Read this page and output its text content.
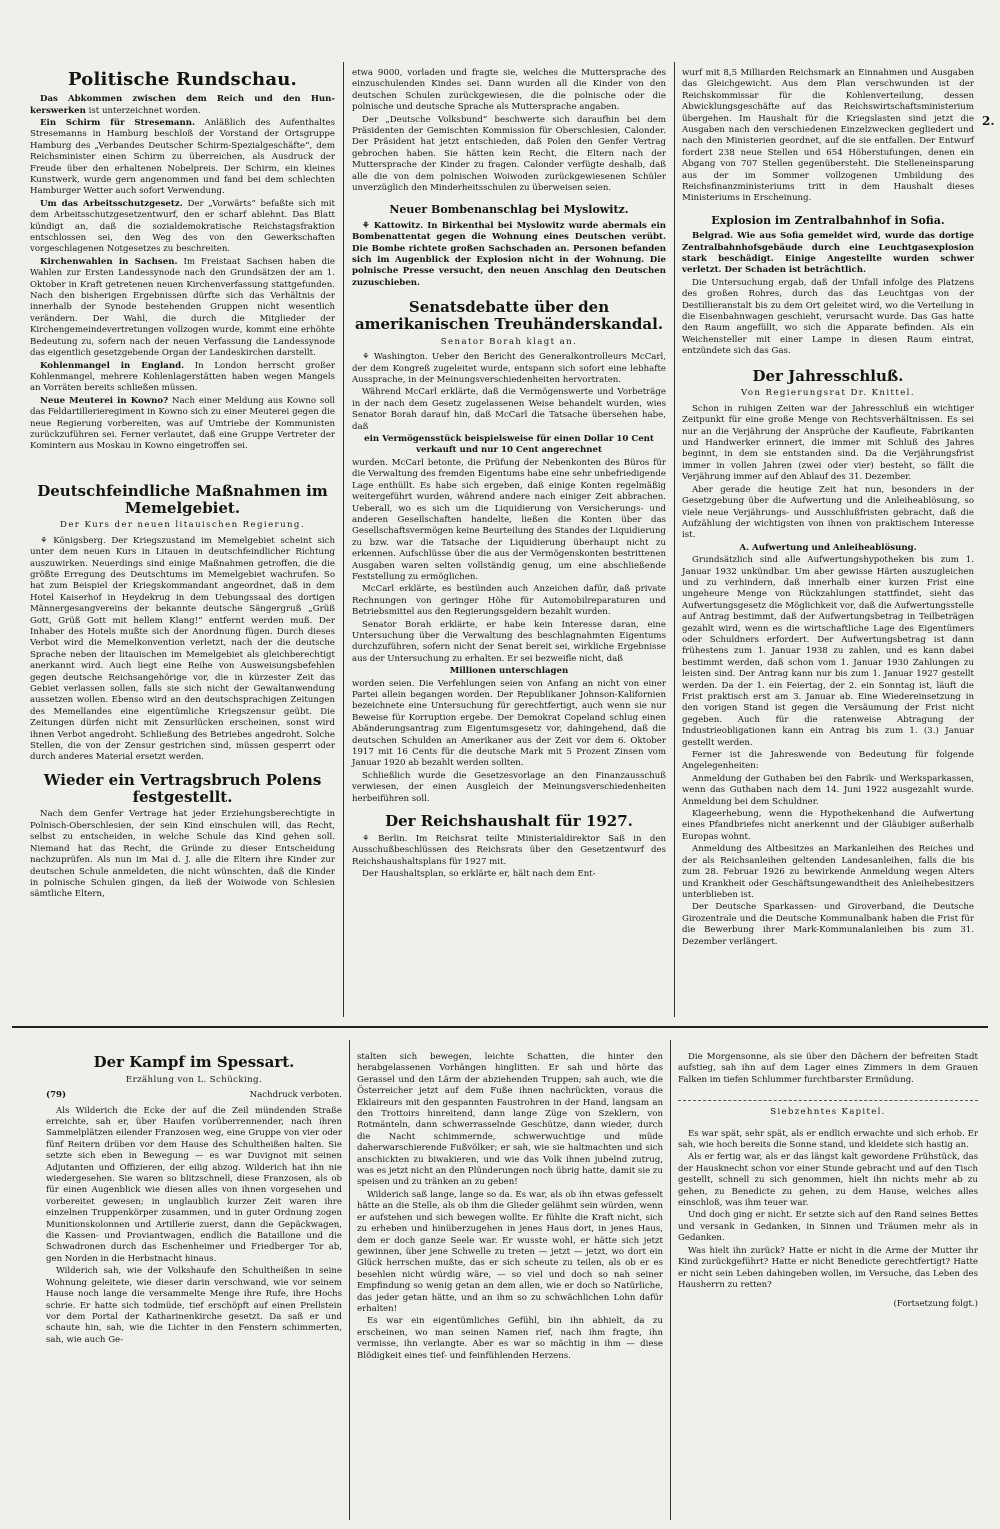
2.
Politische Rundschau.

Das Abkommen zwischen dem Reich und den Hun-kerswerken ist unterzeichnet worden.

Ein Schirm für Stresemann. Anläßlich des Aufenthaltes Stresemanns in Hamburg beschloß der Vorstand der Ortsgruppe Hamburg des „Verbandes Deutscher Schirm-Spezialgeschäfte“, dem Reichsminister einen Schirm zu überreichen, als Ausdruck der Freude über den erhaltenen Nobelpreis. Der Schirm, ein kleines Kunstwerk, wurde gern angenommen und fand bei dem schlechten Hamburger Wetter auch sofort Verwendung.

Um das Arbeitsschutzgesetz. Der „Vorwärts“ befaßte sich mit dem Arbeitsschutzgesetzentwurf, den er scharf ablehnt. Das Blatt kündigt an, daß die sozialdemokratische Reichstagsfraktion entschlossen sei, den Weg des von den Gewerkschaften vorgeschlagenen Notgesetzes zu beschreiten.

Kirchenwahlen in Sachsen. Im Freistaat Sachsen haben die Wahlen zur Ersten Landessynode nach den Grundsätzen der am 1. Oktober in Kraft getretenen neuen Kirchenverfassung stattgefunden. Nach den bisherigen Ergebnissen dürfte sich das Verhältnis der innerhalb der Synode bestehenden Gruppen nicht wesentlich verändern. Der Wahl, die durch die Mitglieder der Kirchengemeindevertretungen vollzogen wurde, kommt eine erhöhte Bedeutung zu, sofern nach der neuen Verfassung die Landessynode das eigentlich gesetzgebende Organ der Landeskirchen darstellt.

Kohlenmangel in England. In London herrscht großer Kohlenmangel, mehrere Kohlenlagerstätten haben wegen Mangels an Vorräten bereits schließen müssen.

Neue Meuterei in Kowno? Nach einer Meldung aus Kowno soll das Feldartillerieregiment in Kowno sich zu einer Meuterei gegen die neue Regierung vorbereiten, was auf Umtriebe der Kommunisten zurückzuführen sei. Ferner verlautet, daß eine Gruppe Vertreter der Komintern aus Moskau in Kowno eingetroffen sei.

Deutschfeindliche Maßnahmen im Memelgebiet.
Der Kurs der neuen litauischen Regierung.

⚘ Königsberg. Der Kriegszustand im Memelgebiet scheint sich unter dem neuen Kurs in Litauen in deutschfeindlicher Richtung auszuwirken. Neuerdings sind einige Maßnahmen getroffen, die die größte Erregung des Deutschtums im Memelgebiet wachrufen. So hat zum Beispiel der Kriegskommandant angeordnet, daß in dem Hotel Kaiserhof in Heydekrug in dem Uebungssaal des dortigen Männergesangvereins der bekannte deutsche Sängergruß „Grüß Gott, Grüß Gott mit hellem Klang!“ entfernt werden muß. Der Inhaber des Hotels mußte sich der Anordnung fügen. Durch dieses Verbot wird die Memelkonvention verletzt, nach der die deutsche Sprache neben der litauischen im Memelgebiet als gleichberechtigt anerkannt wird. Auch liegt eine Reihe von Ausweisungsbefehlen gegen deutsche Reichsangehörige vor, die in kürzester Zeit das Gebiet verlassen sollen, falls sie sich nicht der Gewaltanwendung aussetzen wollen. Ebenso wird an den deutschsprachigen Zeitungen des Memellandes eine eigentümliche Kriegszensur geübt. Die Zeitungen dürfen nicht mit Zensurlücken erscheinen, sonst wird ihnen Verbot angedroht. Schließung des Betriebes angedroht. Solche Stellen, die von der Zensur gestrichen sind, müssen gesperrt oder durch anderes Material ersetzt werden.

Wieder ein Vertragsbruch Polens festgestellt.

Nach dem Genfer Vertrage hat jeder Erziehungsberechtigte in Polnisch-Oberschlesien, der sein Kind einschulen will, das Recht, selbst zu entscheiden, in welche Schule das Kind gehen soll. Niemand hat das Recht, die Gründe zu dieser Entscheidung nachzuprüfen. Als nun im Mai d. J. alle die Eltern ihre Kinder zur deutschen Schule anmeldeten, die nicht wünschten, daß die Kinder in polnische Schulen gingen, da ließ der Woiwode von Schlesien sämtliche Eltern,

etwa 9000, vorladen und fragte sie, welches die Muttersprache des einzuschulenden Kindes sei. Dann wurden all die Kinder von den deutschen Schulen zurückgewiesen, die die polnische oder die polnische und deutsche Sprache als Muttersprache angaben.

Der „Deutsche Volksbund“ beschwerte sich daraufhin bei dem Präsidenten der Gemischten Kommission für Oberschlesien, Calonder. Der Präsident hat jetzt entschieden, daß Polen den Genfer Vertrag gebrochen haben. Sie hätten kein Recht, die Eltern nach der Muttersprache der Kinder zu fragen. Calonder verfügte deshalb, daß alle die von dem polnischen Woiwoden zurückgewiesenen Schüler unverzüglich den Minderheitsschulen zu überweisen seien.

Neuer Bombenanschlag bei Myslowitz.

⚘ Kattowitz. In Birkenthal bei Myslowitz wurde abermals ein Bombenattentat gegen die Wohnung eines Deutschen verübt. Die Bombe richtete großen Sachschaden an. Personen befanden sich im Augenblick der Explosion nicht in der Wohnung. Die polnische Presse versucht, den neuen Anschlag den Deutschen zuzuschieben.

Senatsdebatte über den amerikanischen Treuhänderskandal.
Senator Borah klagt an.

⚘ Washington. Ueber den Bericht des Generalkontrolleurs McCarl, der dem Kongreß zugeleitet wurde, entspann sich sofort eine lebhafte Aussprache, in der Meinungsverschiedenheiten hervortraten.

Während McCarl erklärte, daß die Vermögenswerte und Vorbeträge in der nach dem Gesetz zugelassenen Weise behandelt wurden, wies Senator Borah darauf hin, daß McCarl die Tatsache übersehen habe, daß

ein Vermögensstück beispielsweise für einen Dollar 10 Cent verkauft und nur 10 Cent angerechnet

wurden. McCarl betonte, die Prüfung der Nebenkonten des Büros für die Verwaltung des fremden Eigentums habe eine sehr unbefriedigende Lage enthüllt. Es habe sich ergeben, daß einige Konten regelmäßig weitergeführt wurden, während andere nach einiger Zeit abbrachen. Ueberall, wo es sich um die Liquidierung von Versicherungs- und anderen Gesellschaften handelte, ließen die Konten über das Gesellschaftsvermögen keine Beurteilung des Standes der Liquidierung zu bzw. war die Tatsache der Liquidierung überhaupt nicht zu erkennen. Aufschlüsse über die aus der Vermögenskonten bestrittenen Ausgaben waren selten vollständig genug, um eine abschließende Feststellung zu ermöglichen.

McCarl erklärte, es bestünden auch Anzeichen dafür, daß private Rechnungen von geringer Höhe für Automobilreparaturen und Betriebsmittel aus den Regierungsgeldern bezahlt wurden.

Senator Borah erklärte, er habe kein Interesse daran, eine Untersuchung über die Verwaltung des beschlagnahmten Eigentums durchzuführen, sofern nicht der Senat bereit sei, wirkliche Ergebnisse aus der Untersuchung zu erhalten. Er sei bezweifle nicht, daß

Millionen unterschlagen

worden seien. Die Verfehlungen seien von Anfang an nicht von einer Partei allein begangen worden. Der Republikaner Johnson-Kalifornien bezeichnete eine Untersuchung für gerechtfertigt, auch wenn sie nur Beweise für Korruption ergebe. Der Demokrat Copeland schlug einen Abänderungsantrag zum Eigentumsgesetz vor, dahingehend, daß die deutschen Schulden an Amerikaner aus der Zeit vor dem 6. Oktober 1917 mit 16 Cents für die deutsche Mark mit 5 Prozent Zinsen vom Januar 1920 ab bezahlt werden sollten.

Schließlich wurde die Gesetzesvorlage an den Finanzausschuß verwiesen, der einen Ausgleich der Meinungsverschiedenheiten herbeiführen soll.

Der Reichshaushalt für 1927.

⚘ Berlin. Im Reichsrat teilte Ministerialdirektor Saß in den Ausschußbeschlüssen des Reichsrats über den Gesetzentwurf des Reichshaushaltsplans für 1927 mit.

Der Haushaltsplan, so erklärte er, hält nach dem Ent-

wurf mit 8,5 Milliarden Reichsmark an Einnahmen und Ausgaben das Gleichgewicht. Aus dem Plan verschwunden ist der Reichskommissar für die Kohlenverteilung, dessen Abwicklungsgeschäfte auf das Reichswirtschaftsministerium übergehen. Im Haushalt für die Kriegslasten sind jetzt die Ausgaben nach den verschiedenen Einzelzwecken gegliedert und nach den Ministerien geordnet, auf die sie entfallen. Der Entwurf fordert 238 neue Stellen und 654 Höherstufungen, denen ein Abgang von 707 Stellen gegenübersteht. Die Stelleneinsparung aus der im Sommer vollzogenen Umbildung des Reichsfinanzministeriums tritt in dem Haushalt dieses Ministeriums in Erscheinung.

Explosion im Zentralbahnhof in Sofia.

Belgrad. Wie aus Sofia gemeldet wird, wurde das dortige Zentralbahnhofsgebäude durch eine Leuchtgasexplosion stark beschädigt. Einige Angestellte wurden schwer verletzt. Der Schaden ist beträchtlich.

Die Untersuchung ergab, daß der Unfall infolge des Platzens des großen Rohres, durch das das Leuchtgas von der Destillieranstalt bis zu dem Ort geleitet wird, wo die Verteilung in die Eisenbahnwagen geschieht, verursacht wurde. Das Gas hatte den Raum angefüllt, wo sich die Apparate befinden. Als ein Weichensteller mit einer Lampe in diesen Raum eintrat, entzündete sich das Gas.

Der Jahresschluß.
Von Regierungsrat Dr. Knittel.

Schon in ruhigen Zeiten war der Jahresschluß ein wichtiger Zeitpunkt für eine große Menge von Rechtsverhältnissen. Es sei nur an die Verjährung der Ansprüche der Kaufleute, Fabrikanten und Handwerker erinnert, die immer mit Schluß des Jahres beginnt, in dem sie entstanden sind. Da die Verjährungsfrist immer in vollen Jahren (zwei oder vier) besteht, so fällt die Verjährung immer auf den Ablauf des 31. Dezember.

Aber gerade die heutige Zeit hat nun, besonders in der Gesetzgebung über die Aufwertung und die Anleiheablösung, so viele neue Verjährungs- und Ausschlußfristen gebracht, daß die Aufzählung der wichtigsten von ihnen von praktischem Interesse ist.

A. Aufwertung und Anleiheablösung.

Grundsätzlich sind alle Aufwertungshypotheken bis zum 1. Januar 1932 unkündbar. Um aber gewisse Härten auszugleichen und zu verhindern, daß innerhalb einer kurzen Frist eine ungeheure Menge von Rückzahlungen stattfindet, sieht das Aufwertungsgesetz die Möglichkeit vor, daß die Aufwertungsstelle auf Antrag bestimmt, daß der Aufwertungsbetrag in Teilbeträgen gezahlt wird, wenn es die wirtschaftliche Lage des Eigentümers oder Schuldners erfordert. Der Aufwertungsbetrag ist dann frühestens zum 1. Januar 1938 zu zahlen, und es kann dabei bestimmt werden, daß schon vom 1. Januar 1930 Zahlungen zu leisten sind. Der Antrag kann nur bis zum 1. Januar 1927 gestellt werden. Da der 1. ein Feiertag, der 2. ein Sonntag ist, läuft die Frist praktisch erst am 3. Januar ab. Eine Wiedereinsetzung in den vorigen Stand ist gegen die Versäumung der Frist nicht gegeben. Auch für die ratenweise Abtragung der Industrieobligationen kann ein Antrag bis zum 1. (3.) Januar gestellt werden.

Ferner ist die Jahreswende von Bedeutung für folgende Angelegenheiten:

Anmeldung der Guthaben bei den Fabrik- und Werksparkassen, wenn das Guthaben nach dem 14. Juni 1922 ausgezahlt wurde. Anmeldung bei dem Schuldner.

Klageerhebung, wenn die Hypothekenhand die Aufwertung eines Pfandbriefes nicht anerkennt und der Gläubiger außerhalb Europas wohnt.

Anmeldung des Altbesitzes an Markanleihen des Reiches und der als Reichsanleihen geltenden Landesanleihen, falls die bis zum 28. Februar 1926 zu bewirkende Anmeldung wegen Alters und Krankheit oder Geschäftsungewandtheit des Anleihebesitzers unterblieben ist.

Der Deutsche Sparkassen- und Giroverband, die Deutsche Girozentrale und die Deutsche Kommunalbank haben die Frist für die Bewerbung ihrer Mark-Kommunalanleihen bis zum 31. Dezember verlängert.

Der Kampf im Spessart.
Erzählung von L. Schücking.
(79)	Nachdruck verboten.

Als Wilderich die Ecke der auf die Zeil mündenden Straße erreichte, sah er, über Haufen vorüberrennender, nach ihren Sammelplätzen eilender Franzosen weg, eine Gruppe von vier oder fünf Reitern drüben vor dem Hause des Schultheißen halten. Sie setzte sich eben in Bewegung — es war Duvignot mit seinen Adjutanten und Offizieren, der eilig abzog. Wilderich hat ihn nie wiedergesehen. Sie waren so blitzschnell, diese Franzosen, als ob für einen Augenblick wie diesen alles von ihnen vorgesehen und vorbereitet gewesen; in unglaublich kurzer Zeit waren ihre einzelnen Truppenkörper zusammen, und in guter Ordnung zogen Munitionskolonnen und Artillerie zuerst, dann die Gepäckwagen, die Kassen- und Proviantwagen, endlich die Bataillone und die Schwadronen durch das Eschenheimer und Friedberger Tor ab, gen Norden in die Herbstnacht hinaus.

Wilderich sah, wie der Volkshaufe den Schultheißen in seine Wohnung geleitete, wie dieser darin verschwand, wie vor seinem Hause noch lange die versammelte Menge ihre Rufe, ihre Hochs schrie. Er hatte sich todmüde, tief erschöpft auf einen Prellstein vor dem Portal der Katharinenkirche gesetzt. Da saß er und schaute hin, sah, wie die Lichter in den Fenstern schimmerten, sah, wie auch Ge-

stalten sich bewegen, leichte Schatten, die hinter den herabgelassenen Vorhängen hinglitten. Er sah und hörte das Gerassel und den Lärm der abziehenden Truppen; sah auch, wie die Österreicher jetzt auf dem Fuße ihnen nachrückten, voraus die Eklaireurs mit den gespannten Faustrohren in der Hand, langsam an den Trottoirs hinreitend, dann lange Züge von Szeklern, von Rotmänteln, dann schwerrasselnde Geschütze, dann wieder, durch die Nacht schimmernde, schwerwuchtige und müde daherwarschierende Fußvölker; er sah, wie sie haltmachten und sich anschickten zu biwakieren, und wie das Volk ihnen jubelnd zutrug, was es jetzt nicht an den Plünderungen noch übrig hatte, damit sie zu speisen und zu tränken an zu geben!

Wilderich saß lange, lange so da. Es war, als ob ihn etwas gefesselt hätte an die Stelle, als ob ihm die Glieder gelähmt sein würden, wenn er aufstehen und sich bewegen wollte. Er fühlte die Kraft nicht, sich zu erheben und hinüberzugehen in jenes Haus dort, in jenes Haus, dem er doch ganze Seele war. Er wusste wohl, er hätte sich jetzt gewinnen, über jene Schwelle zu treten — jetzt — jetzt, wo dort ein Glück herrschen mußte, das er sich scheute zu teilen, als ob er es besehlen nicht würdig wäre, — so viel und doch so nah seiner Empfindung so wenig getan an dem allen, wie er doch so Natürliche, das jeder getan hätte, und an ihm so zu schwächlichen Lohn dafür erhalten!

Es war ein eigentümliches Gefühl, bin ihn abhielt, da zu erscheinen, wo man seinen Namen rief, nach ihm fragte, ihn vermisse, ihn verlangte. Aber es war so mächtig in ihm — diese Blödigkeit eines tief- und feinfühlenden Herzens.

Die Morgensonne, als sie über den Dächern der befreiten Stadt aufstieg, sah ihn auf dem Lager eines Zimmers in dem Grauen Falken im tiefen Schlummer furchtbarster Ermüdung.

Siebzehntes Kapitel.

Es war spät, sehr spät, als er endlich erwachte und sich erhob. Er sah, wie hoch bereits die Sonne stand, und kleidete sich hastig an.

Als er fertig war, als er das längst kalt gewordene Frühstück, das der Hausknecht schon vor einer Stunde gebracht und auf den Tisch gestellt, schnell zu sich genommen, hielt ihn nichts mehr ab zu gehen, zu Benedicte zu gehen, zu dem Hause, welches alles einschloß, was ihm teuer war.

Und doch ging er nicht. Er setzte sich auf den Rand seines Bettes und versank in Gedanken, in Sinnen und Träumen mehr als in Gedanken.

Was hielt ihn zurück? Hatte er nicht in die Arme der Mutter ihr Kind zurückgeführt? Hatte er nicht Benedicte gerechtfertigt? Hatte er nicht sein Leben dahingeben wollen, im Versuche, das Leben des Hausherrn zu retten?

(Fortsetzung folgt.)
